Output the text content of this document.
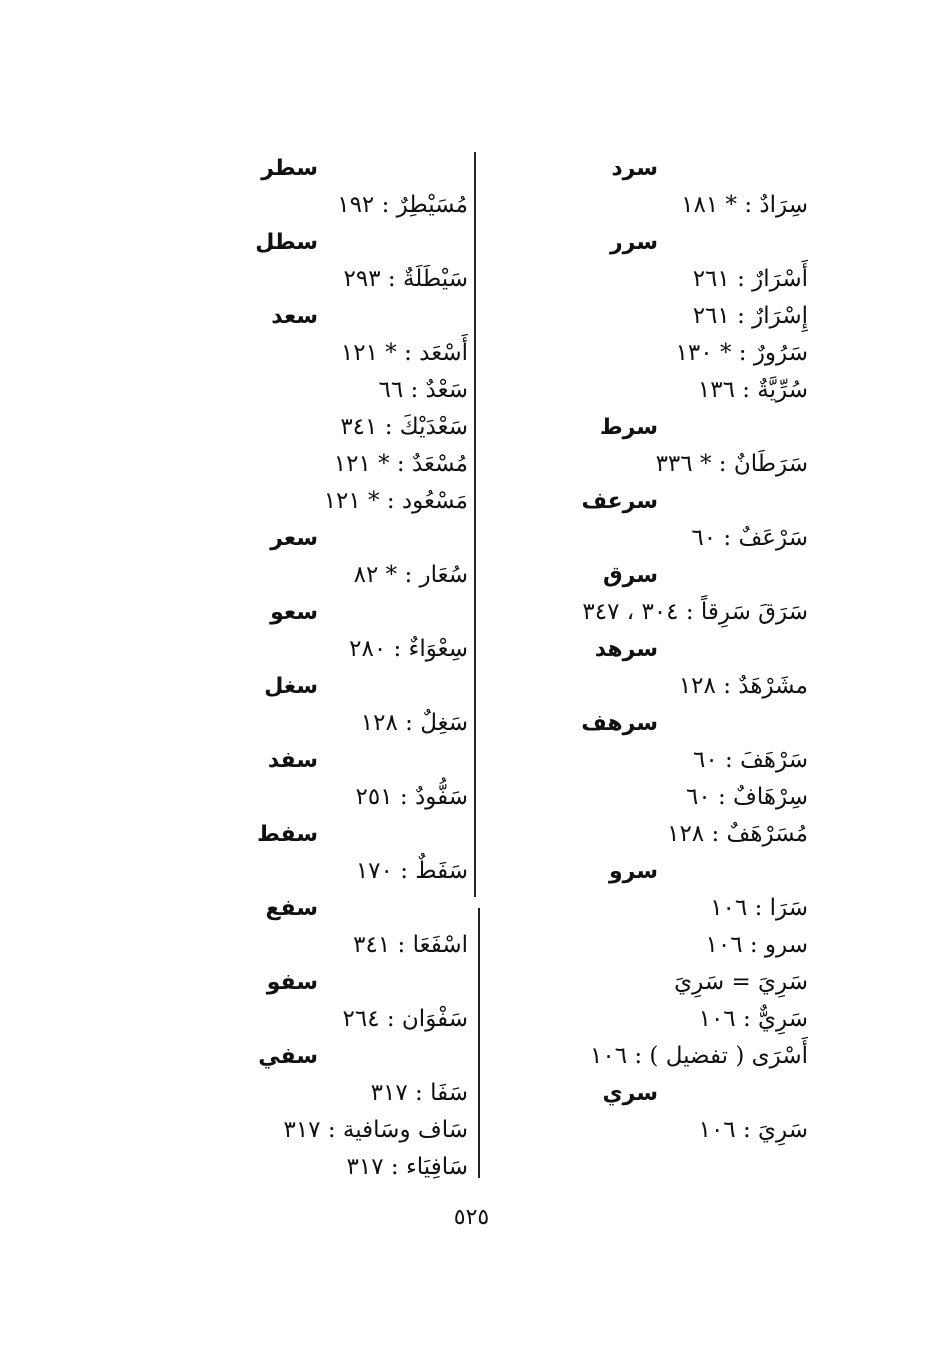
سرد
سِرَادٌ : * ١٨١
سرر
أَسْرَارٌ : ٢٦١
إِسْرَارٌ : ٢٦١
سَرُورٌ : * ١٣٠
سُرِّيَّةٌ : ١٣٦
سرط
سَرَطَانٌ : * ٣٣٦
سرعف
سَرْعَفٌ : ٦٠
سرق
سَرَقَ سَرِقاً : ٣٠٤ ، ٣٤٧
سرهد
مشَرْهَدٌ : ١٢٨
سرهف
سَرْهَفَ : ٦٠
سِرْهَافٌ : ٦٠
مُسَرْهَفٌ : ١٢٨
سرو
سَرَا : ١٠٦
سرو : ١٠٦
سَرِيَ = سَرِيَ
سَرِيٌّ : ١٠٦
أَسْرَى ( تفضيل ) : ١٠٦
سري
سَرِيَ : ١٠٦
سطر
مُسَيْطِرٌ : ١٩٢
سطل
سَيْطَلَةٌ : ٢٩٣
سعد
أَسْعَد : * ١٢١
سَعْدٌ : ٦٦
سَعْدَيْكَ : ٣٤١
مُسْعَدٌ : * ١٢١
مَسْعُود : * ١٢١
سعر
سُعَار : * ٨٢
سعو
سِعْوَاءٌ : ٢٨٠
سغل
سَغِلٌ : ١٢٨
سفد
سَفُّودٌ : ٢٥١
سفط
سَفَطٌ : ١٧٠
سفع
اسْفَعَا : ٣٤١
سفو
سَفْوَان : ٢٦٤
سفي
سَفَا : ٣١٧
سَاف وسَافية : ٣١٧
سَافِيَاء : ٣١٧
٥٢٥
